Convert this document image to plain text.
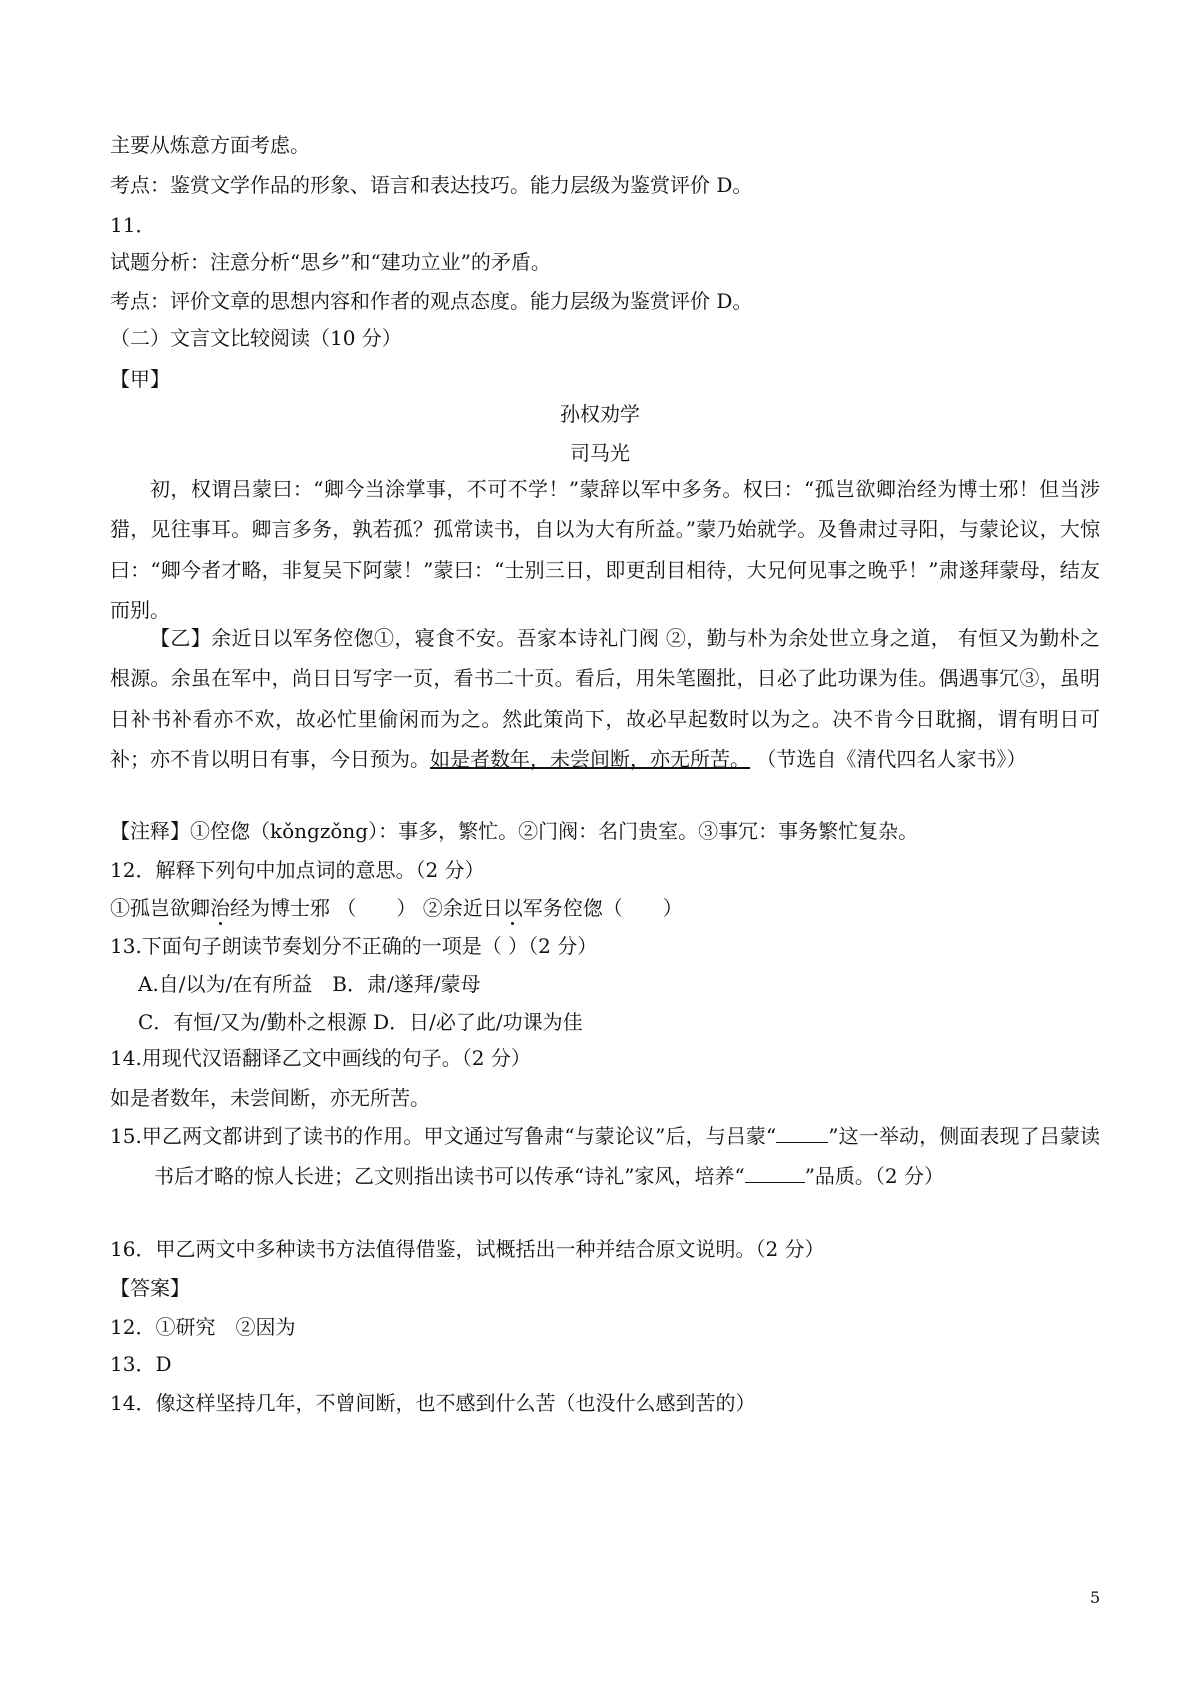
主要从炼意方面考虑。
考点：鉴赏文学作品的形象、语言和表达技巧。能力层级为鉴赏评价 D。
11．
试题分析：注意分析“思乡”和“建功立业”的矛盾。
考点：评价文章的思想内容和作者的观点态度。能力层级为鉴赏评价 D。
（二）文言文比较阅读（10 分）
【甲】
孙权劝学
司马光
初，权谓吕蒙曰：“卿今当涂掌事，不可不学！”蒙辞以军中多务。权曰：“孤岂欲卿治经为博士邪！但当涉猎，见往事耳。卿言多务，孰若孤？孤常读书，自以为大有所益。”蒙乃始就学。及鲁肃过寻阳，与蒙论议，大惊曰：“卿今者才略，非复吴下阿蒙！”蒙曰：“士别三日，即更刮目相待，大兄何见事之晚乎！”肃遂拜蒙母，结友而别。
【乙】余近日以军务倥偬①，寝食不安。吾家本诗礼门阀 ②，勤与朴为余处世立身之道， 有恒又为勤朴之根源。余虽在军中，尚日日写字一页，看书二十页。看后，用朱笔圈批，日必了此功课为佳。偶遇事冗③，虽明日补书补看亦不欢，故必忙里偷闲而为之。然此策尚下，故必早起数时以为之。决不肯今日耽搁，谓有明日可补；亦不肯以明日有事，今日预为。如是者数年，未尝间断，亦无所苦。 （节选自《清代四名人家书》）
【注释】①倥偬（kǒngzǒng）：事多，繁忙。②门阀：名门贵室。③事冗：事务繁忙复杂。
12．解释下列句中加点词的意思。（2 分）
①孤岂欲卿治经为博士邪 （　　） ②余近日以军务倥偬（　　）
13.下面句子朗读节奏划分不正确的一项是（ ）（2 分）
A.自/以为/在有所益　B．肃/遂拜/蒙母
C．有恒/又为/勤朴之根源 D．日/必了此/功课为佳
14.用现代汉语翻译乙文中画线的句子。（2 分）
如是者数年，未尝间断，亦无所苦。
15.甲乙两文都讲到了读书的作用。甲文通过写鲁肃“与蒙论议”后，与吕蒙“	”这一举动，侧面表现了吕蒙读书后才略的惊人长进；乙文则指出读书可以传承“诗礼”家风，培养“	”品质。（2 分）
16．甲乙两文中多种读书方法值得借鉴，试概括出一种并结合原文说明。（2 分）
【答案】
12．①研究　②因为
13．D
14．像这样坚持几年，不曾间断，也不感到什么苦（也没什么感到苦的）
5
